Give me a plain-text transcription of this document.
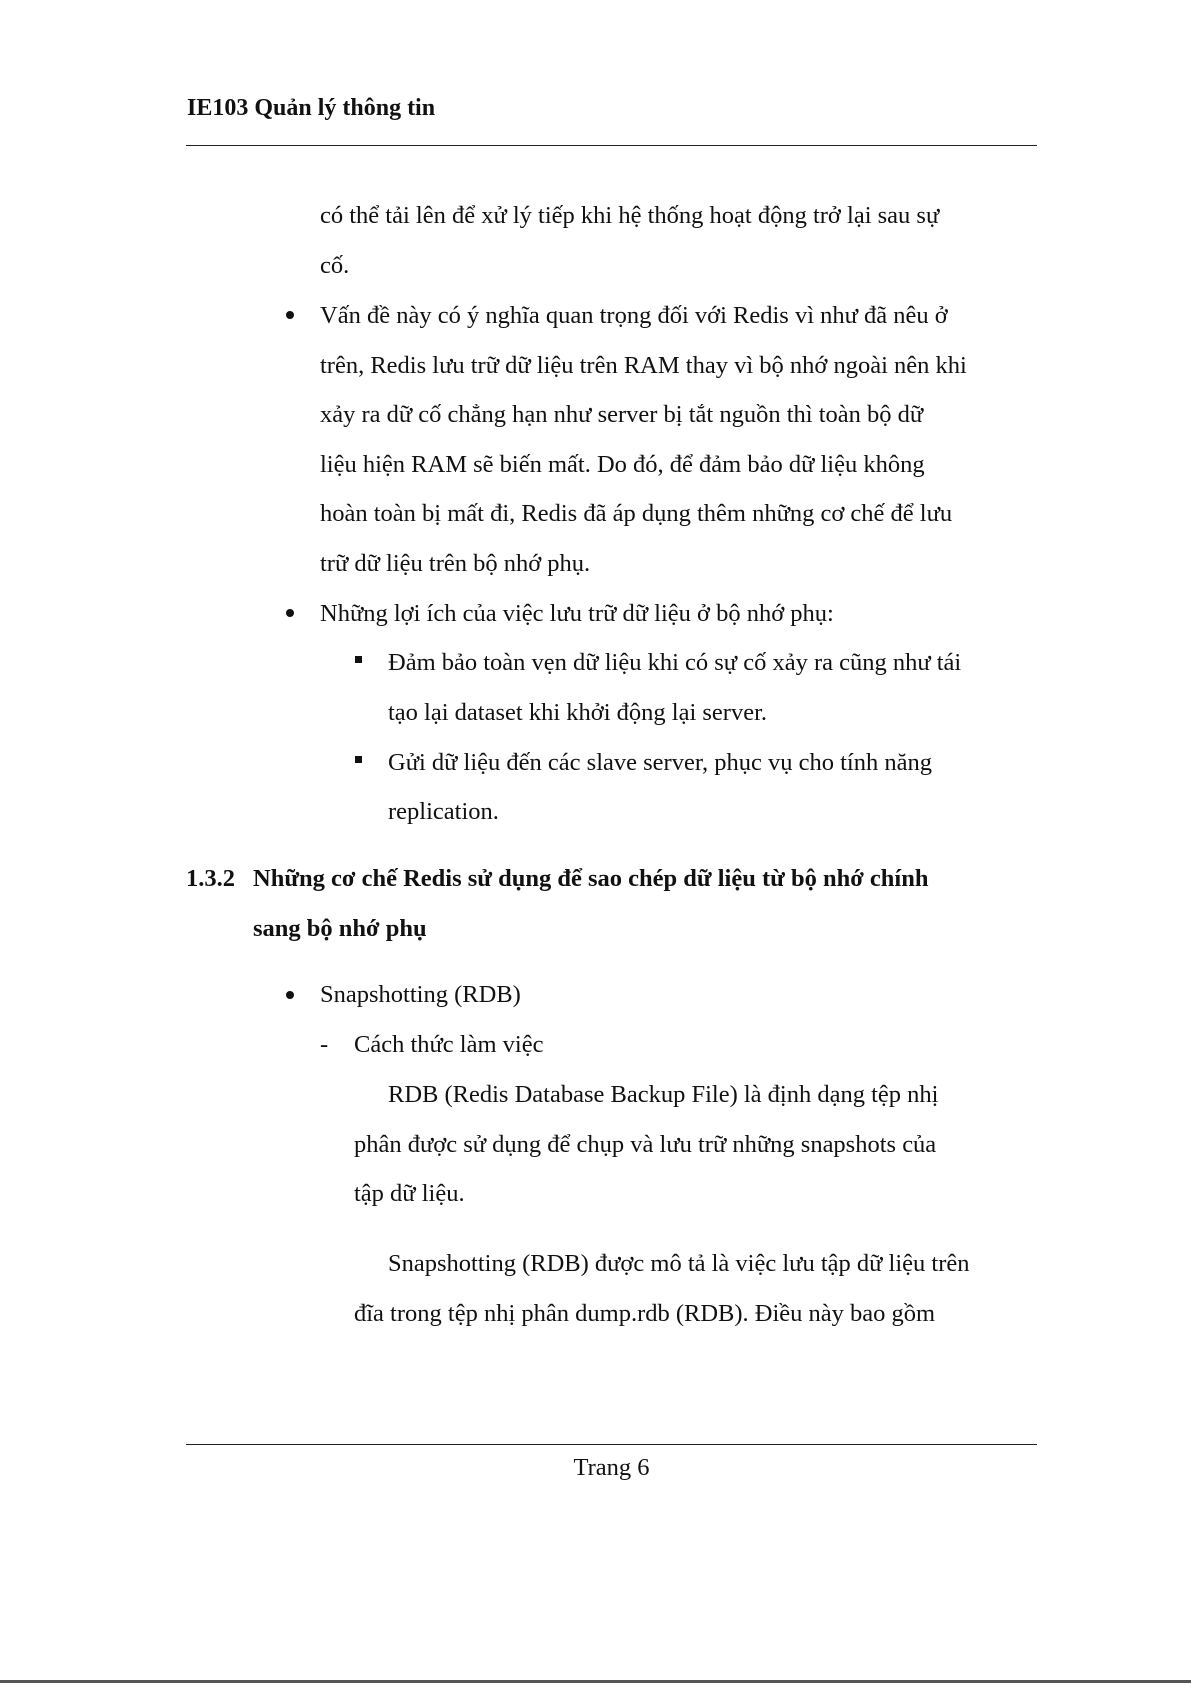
IE103 Quản lý thông tin
có thể tải lên để xử lý tiếp khi hệ thống hoạt động trở lại sau sự
cố.
Vấn đề này có ý nghĩa quan trọng đối với Redis vì như đã nêu ở
trên, Redis lưu trữ dữ liệu trên RAM thay vì bộ nhớ ngoài nên khi
xảy ra dữ cố chẳng hạn như server bị tắt nguồn thì toàn bộ dữ
liệu hiện RAM sẽ biến mất. Do đó, để đảm bảo dữ liệu không
hoàn toàn bị mất đi, Redis đã áp dụng thêm những cơ chế để lưu
trữ dữ liệu trên bộ nhớ phụ.
Những lợi ích của việc lưu trữ dữ liệu ở bộ nhớ phụ:
Đảm bảo toàn vẹn dữ liệu khi có sự cố xảy ra cũng như tái
tạo lại dataset khi khởi động lại server.
Gửi dữ liệu đến các slave server, phục vụ cho tính năng
replication.
1.3.2 Những cơ chế Redis sử dụng để sao chép dữ liệu từ bộ nhớ chính
sang bộ nhớ phụ
Snapshotting (RDB)
- Cách thức làm việc
RDB (Redis Database Backup File) là định dạng tệp nhị
phân được sử dụng để chụp và lưu trữ những snapshots của
tập dữ liệu.
Snapshotting (RDB) được mô tả là việc lưu tập dữ liệu trên
đĩa trong tệp nhị phân dump.rdb (RDB). Điều này bao gồm
Trang 6
